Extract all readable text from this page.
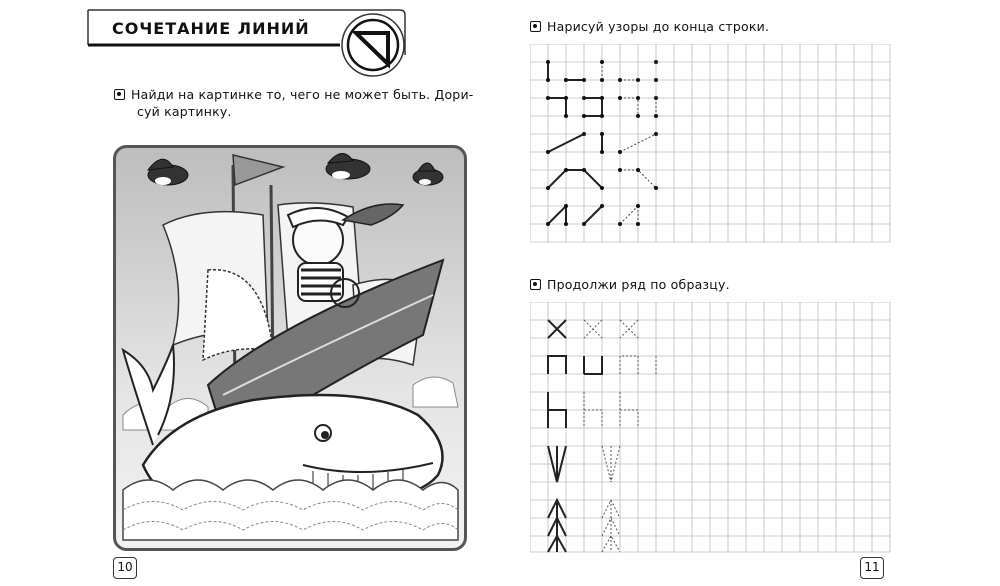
СОЧЕТАНИЕ ЛИНИЙ
Найди на картинке то, чего не может быть. Дори-
суй картинку.
10
Нарисуй узоры до конца строки.
Продолжи ряд по образцу.
11
